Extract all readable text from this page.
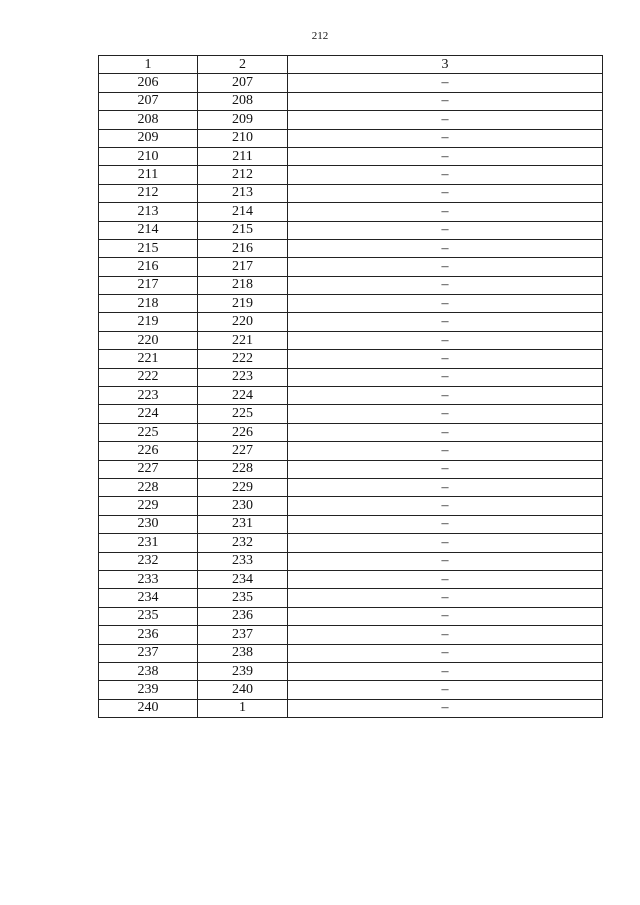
212
1	2	3
206	207	–
207	208	–
208	209	–
209	210	–
210	211	–
211	212	–
212	213	–
213	214	–
214	215	–
215	216	–
216	217	–
217	218	–
218	219	–
219	220	–
220	221	–
221	222	–
222	223	–
223	224	–
224	225	–
225	226	–
226	227	–
227	228	–
228	229	–
229	230	–
230	231	–
231	232	–
232	233	–
233	234	–
234	235	–
235	236	–
236	237	–
237	238	–
238	239	–
239	240	–
240	1	–
